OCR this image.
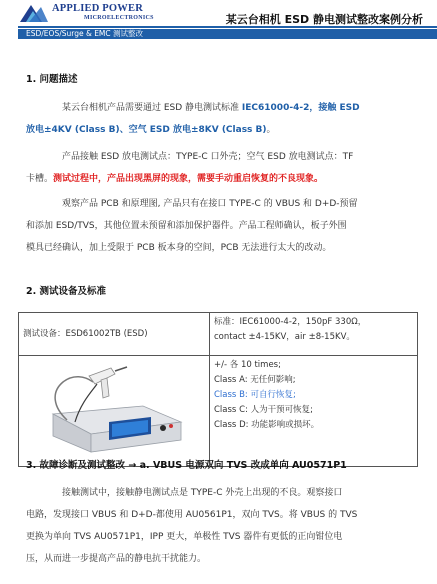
APPLIED POWER
MICROELECTRONICS	某云台相机 ESD 静电测试整改案例分析
ESD/EOS/Surge & EMC 测试整改
1. 问题描述
某云台相机产品需要通过 ESD 静电测试标准 IEC61000-4-2，接触 ESD
放电±4KV (Class B)、空气 ESD 放电±8KV (Class B)。
产品接触 ESD 放电测试点：TYPE-C 口外壳；空气 ESD 放电测试点：TF
卡槽。测试过程中，产品出现黑屏的现象，需要手动重启恢复的不良现象。
观察产品 PCB 和原理图, 产品只有在接口 TYPE-C 的 VBUS 和 D+D-预留
和添加 ESD/TVS，其他位置未预留和添加保护器件。产品工程师确认，板子外围
模具已经确认，加上受限于 PCB 板本身的空间，PCB 无法进行太大的改动。
2. 测试设备及标准
测试设备：ESD61002TB (ESD)	标准：IEC61000-4-2，150pF 330Ω，
contact ±4-15KV，air ±8-15KV。

+/- 各 10 times;
Class A: 无任何影响;
Class B: 可自行恢复;
Class C: 人为干预可恢复;
Class D: 功能影响或损坏。
3. 故障诊断及测试整改 → a. VBUS 电源双向 TVS 改成单向 AU0571P1
接触测试中，接触静电测试点是 TYPE-C 外壳上出现的不良。观察接口
电路，发现接口 VBUS 和 D+D-都使用 AU0561P1，双向 TVS。将 VBUS 的 TVS
更换为单向 TVS AU0571P1，IPP 更大，单极性 TVS 器件有更低的正向钳位电
压，从而进一步提高产品的静电抗干扰能力。
